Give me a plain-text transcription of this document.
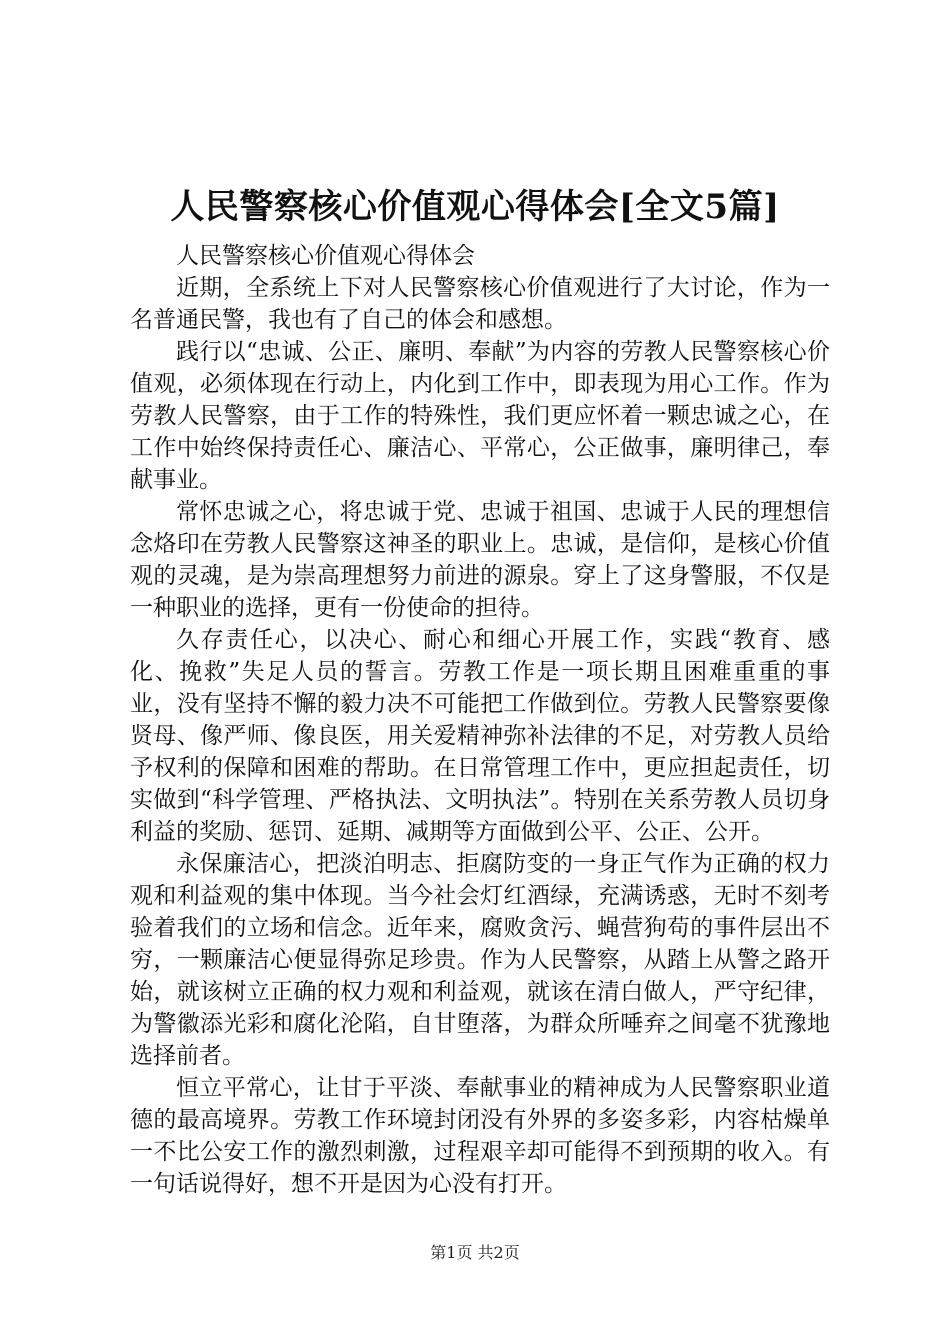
人民警察核心价值观心得体会[全文5篇]

人民警察核心价值观心得体会

近期，全系统上下对人民警察核心价值观进行了大讨论，作为一名普通民警，我也有了自己的体会和感想。

践行以“忠诚、公正、廉明、奉献”为内容的劳教人民警察核心价值观，必须体现在行动上，内化到工作中，即表现为用心工作。作为劳教人民警察，由于工作的特殊性，我们更应怀着一颗忠诚之心，在工作中始终保持责任心、廉洁心、平常心，公正做事，廉明律己，奉献事业。

常怀忠诚之心，将忠诚于党、忠诚于祖国、忠诚于人民的理想信念烙印在劳教人民警察这神圣的职业上。忠诚，是信仰，是核心价值观的灵魂，是为崇高理想努力前进的源泉。穿上了这身警服，不仅是一种职业的选择，更有一份使命的担待。

久存责任心，以决心、耐心和细心开展工作，实践“教育、感化、挽救”失足人员的誓言。劳教工作是一项长期且困难重重的事业，没有坚持不懈的毅力决不可能把工作做到位。劳教人民警察要像贤母、像严师、像良医，用关爱精神弥补法律的不足，对劳教人员给予权利的保障和困难的帮助。在日常管理工作中，更应担起责任，切实做到“科学管理、严格执法、文明执法”。特别在关系劳教人员切身利益的奖励、惩罚、延期、减期等方面做到公平、公正、公开。

永保廉洁心，把淡泊明志、拒腐防变的一身正气作为正确的权力观和利益观的集中体现。当今社会灯红酒绿，充满诱惑，无时不刻考验着我们的立场和信念。近年来，腐败贪污、蝇营狗苟的事件层出不穷，一颗廉洁心便显得弥足珍贵。作为人民警察，从踏上从警之路开始，就该树立正确的权力观和利益观，就该在清白做人，严守纪律，为警徽添光彩和腐化沦陷，自甘堕落，为群众所唾弃之间毫不犹豫地选择前者。

恒立平常心，让甘于平淡、奉献事业的精神成为人民警察职业道德的最高境界。劳教工作环境封闭没有外界的多姿多彩，内容枯燥单一不比公安工作的激烈刺激，过程艰辛却可能得不到预期的收入。有一句话说得好，想不开是因为心没有打开。

第1页 共2页
